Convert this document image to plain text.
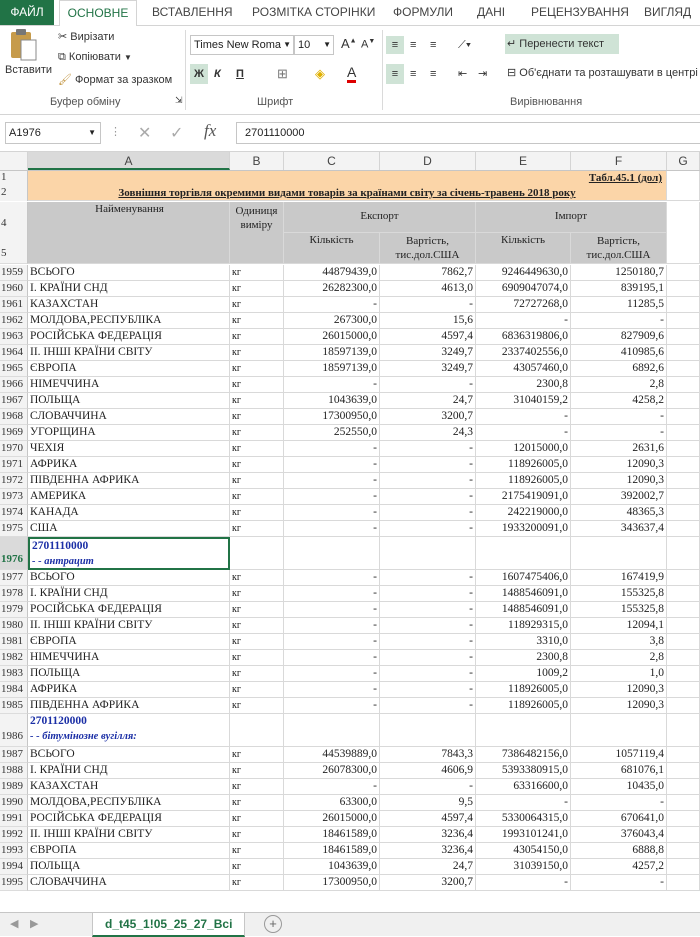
ФАЙЛ	ОСНОВНЕ	ВСТАВЛЕННЯ РОЗМІТКА СТОРІНКИ ФОРМУЛИ ДАНІ РЕЦЕНЗУВАННЯ ВИГЛЯД
Вставити
✂ Вирізати
⧉ Копіювати ▼
🖌 Формат за зразком
Буфер обміну	⇲
Times New Roma ▼ 10 ▼ A▲ A▼
Ж К П	⊞ ◈ A
Шрифт
≡	≡ ≡ ⟋▾
≡	≡ ≡ ⇤ ⇥
↵ Перенести текст
⊟ Об'єднати та розташувати в центрі
Вирівнювання
A1976	▼ ⋮ ✕ ✓ fx	2701110000
A	B	C	D	E	F	G
1
2
Табл.45.1 (дол)
Зовнішня торгівля окремими видами товарів за країнами світу за січень-травень 2018 року
4
5
Найменування	Одиниця виміру
Експорт	Імпорт
Кількість	Вартість, тис.дол.США
Кількість	Вартість, тис.дол.США
1959 ВСЬОГО	кг	44879439,0	7862,7	9246449630,0	1250180,7
1960 І. КРАЇНИ СНД	кг	26282300,0	4613,0	6909047074,0	839195,1
1961 КАЗАХСТАН	кг	-	-	72727268,0	11285,5
1962 МОЛДОВА,РЕСПУБЛІКА	кг	267300,0	15,6	-	-
1963 РОСІЙСЬКА ФЕДЕРАЦІЯ	кг	26015000,0	4597,4	6836319806,0	827909,6
1964 ІІ. ІНШІ КРАЇНИ СВІТУ	кг	18597139,0	3249,7	2337402556,0	410985,6
1965 ЄВРОПА	кг	18597139,0	3249,7	43057460,0	6892,6
1966 НІМЕЧЧИНА	кг	-	-	2300,8	2,8
1967 ПОЛЬЩА	кг	1043639,0	24,7	31040159,2	4258,2
1968 СЛОВАЧЧИНА	кг	17300950,0	3200,7	-	-
1969 УГОРЩИНА	кг	252550,0	24,3	-	-
1970 ЧЕХІЯ	кг	-	-	12015000,0	2631,6
1971 АФРИКА	кг	-	-	118926005,0	12090,3
1972 ПІВДЕННА АФРИКА	кг	-	-	118926005,0	12090,3
1973 АМЕРИКА	кг	-	-	2175419091,0	392002,7
1974 КАНАДА	кг	-	-	242219000,0	48365,3
1975 США	кг	-	-	1933200091,0	343637,4
1976
2701110000
- - антрацит
1977 ВСЬОГО	кг	-	-	1607475406,0	167419,9
1978 І. КРАЇНИ СНД	кг	-	-	1488546091,0	155325,8
1979 РОСІЙСЬКА ФЕДЕРАЦІЯ	кг	-	-	1488546091,0	155325,8
1980 ІІ. ІНШІ КРАЇНИ СВІТУ	кг	-	-	118929315,0	12094,1
1981 ЄВРОПА	кг	-	-	3310,0	3,8
1982 НІМЕЧЧИНА	кг	-	-	2300,8	2,8
1983 ПОЛЬЩА	кг	-	-	1009,2	1,0
1984 АФРИКА	кг	-	-	118926005,0	12090,3
1985 ПІВДЕННА АФРИКА	кг	-	-	118926005,0	12090,3
1986
2701120000
- - бітумінозне вугілля:
1987 ВСЬОГО	кг	44539889,0	7843,3	7386482156,0	1057119,4
1988 І. КРАЇНИ СНД	кг	26078300,0	4606,9	5393380915,0	681076,1
1989 КАЗАХСТАН	кг	-	-	63316600,0	10435,0
1990 МОЛДОВА,РЕСПУБЛІКА	кг	63300,0	9,5	-	-
1991 РОСІЙСЬКА ФЕДЕРАЦІЯ	кг	26015000,0	4597,4	5330064315,0	670641,0
1992 ІІ. ІНШІ КРАЇНИ СВІТУ	кг	18461589,0	3236,4	1993101241,0	376043,4
1993 ЄВРОПА	кг	18461589,0	3236,4	43054150,0	6888,8
1994 ПОЛЬЩА	кг	1043639,0	24,7	31039150,0	4257,2
1995 СЛОВАЧЧИНА	кг	17300950,0	3200,7	-	-
◀ ▶	d_t45_1!05_25_27_Всі	+
